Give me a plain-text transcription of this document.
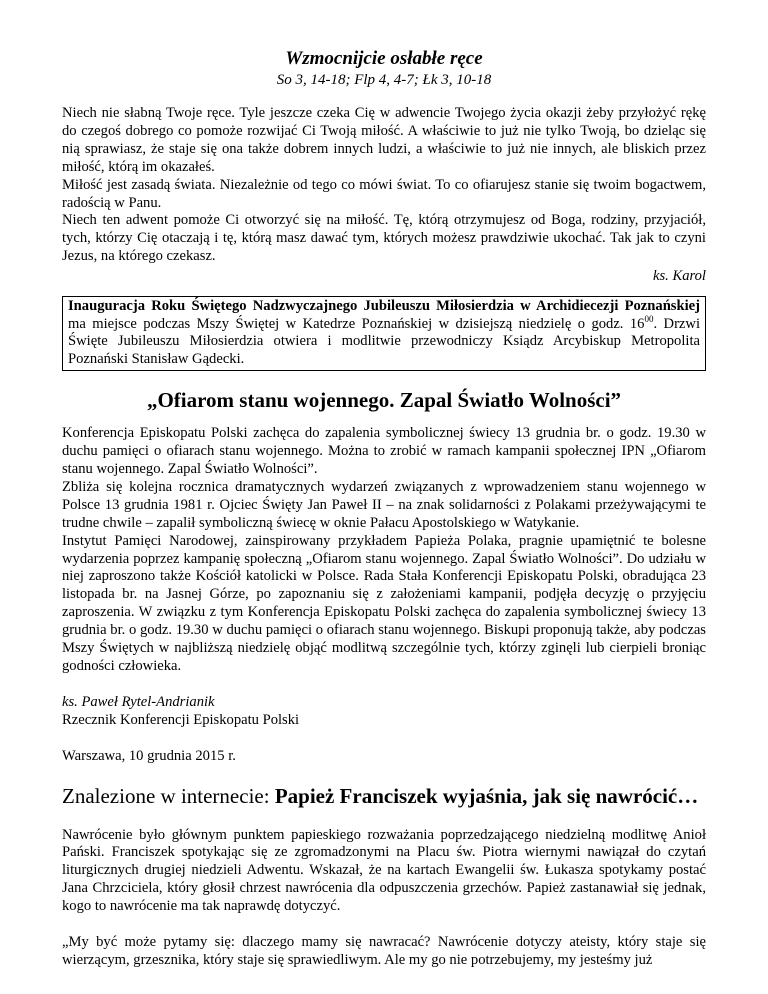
Wzmocnijcie osłabłe ręce
So 3, 14-18; Flp 4, 4-7; Łk 3, 10-18

Niech nie słabną Twoje ręce. Tyle jeszcze czeka Cię w adwencie Twojego życia okazji żeby przyłożyć rękę do czegoś dobrego co pomoże rozwijać Ci Twoją miłość. A właściwie to już nie tylko Twoją, bo dzieląc się nią sprawiasz, że staje się ona także dobrem innych ludzi, a właściwie to już nie innych, ale bliskich przez miłość, którą im okazałeś.

Miłość jest zasadą świata. Niezależnie od tego co mówi świat. To co ofiarujesz stanie się twoim bogactwem, radością w Panu.

Niech ten adwent pomoże Ci otworzyć się na miłość. Tę, którą otrzymujesz od Boga, rodziny, przyjaciół, tych, którzy Cię otaczają i tę, którą masz dawać tym, których możesz prawdziwie ukochać. Tak jak to czyni Jezus, na którego czekasz.

ks. Karol

Inauguracja Roku Świętego Nadzwyczajnego Jubileuszu Miłosierdzia w Archidiecezji Poznańskiej ma miejsce podczas Mszy Świętej w Katedrze Poznańskiej w dzisiejszą niedzielę o godz. $16^{00}$. Drzwi Święte Jubileuszu Miłosierdzia otwiera i modlitwie przewodniczy Ksiądz Arcybiskup Metropolita Poznański Stanisław Gądecki.

„Ofiarom stanu wojennego. Zapal Światło Wolności”

Konferencja Episkopatu Polski zachęca do zapalenia symbolicznej świecy 13 grudnia br. o godz. 19.30 w duchu pamięci o ofiarach stanu wojennego. Można to zrobić w ramach kampanii społecznej IPN „Ofiarom stanu wojennego. Zapal Światło Wolności”.

Zbliża się kolejna rocznica dramatycznych wydarzeń związanych z wprowadzeniem stanu wojennego w Polsce 13 grudnia 1981 r. Ojciec Święty Jan Paweł II – na znak solidarności z Polakami przeżywającymi te trudne chwile – zapalił symboliczną świecę w oknie Pałacu Apostolskiego w Watykanie.

Instytut Pamięci Narodowej, zainspirowany przykładem Papieża Polaka, pragnie upamiętnić te bolesne wydarzenia poprzez kampanię społeczną „Ofiarom stanu wojennego. Zapal Światło Wolności”. Do udziału w niej zaproszono także Kościół katolicki w Polsce. Rada Stała Konferencji Episkopatu Polski, obradująca 23 listopada br. na Jasnej Górze, po zapoznaniu się z założeniami kampanii, podjęła decyzję o przyjęciu zaproszenia. W związku z tym Konferencja Episkopatu Polski zachęca do zapalenia symbolicznej świecy 13 grudnia br. o godz. 19.30 w duchu pamięci o ofiarach stanu wojennego. Biskupi proponują także, aby podczas Mszy Świętych w najbliższą niedzielę objąć modlitwą szczególnie tych, którzy zginęli lub cierpieli broniąc godności człowieka.

ks. Paweł Rytel-Andrianik

Rzecznik Konferencji Episkopatu Polski

Warszawa, 10 grudnia 2015 r.

Znalezione w internecie: Papież Franciszek wyjaśnia, jak się nawrócić…

Nawrócenie było głównym punktem papieskiego rozważania poprzedzającego niedzielną modlitwę Anioł Pański. Franciszek spotykając się ze zgromadzonymi na Placu św. Piotra wiernymi nawiązał do czytań liturgicznych drugiej niedzieli Adwentu. Wskazał, że na kartach Ewangelii św. Łukasza spotykamy postać Jana Chrzciciela, który głosił chrzest nawrócenia dla odpuszczenia grzechów. Papież zastanawiał się jednak, kogo to nawrócenie ma tak naprawdę dotyczyć.

„My być może pytamy się: dlaczego mamy się nawracać? Nawrócenie dotyczy ateisty, który staje się wierzącym, grzesznika, który staje się sprawiedliwym. Ale my go nie potrzebujemy, my jesteśmy już
